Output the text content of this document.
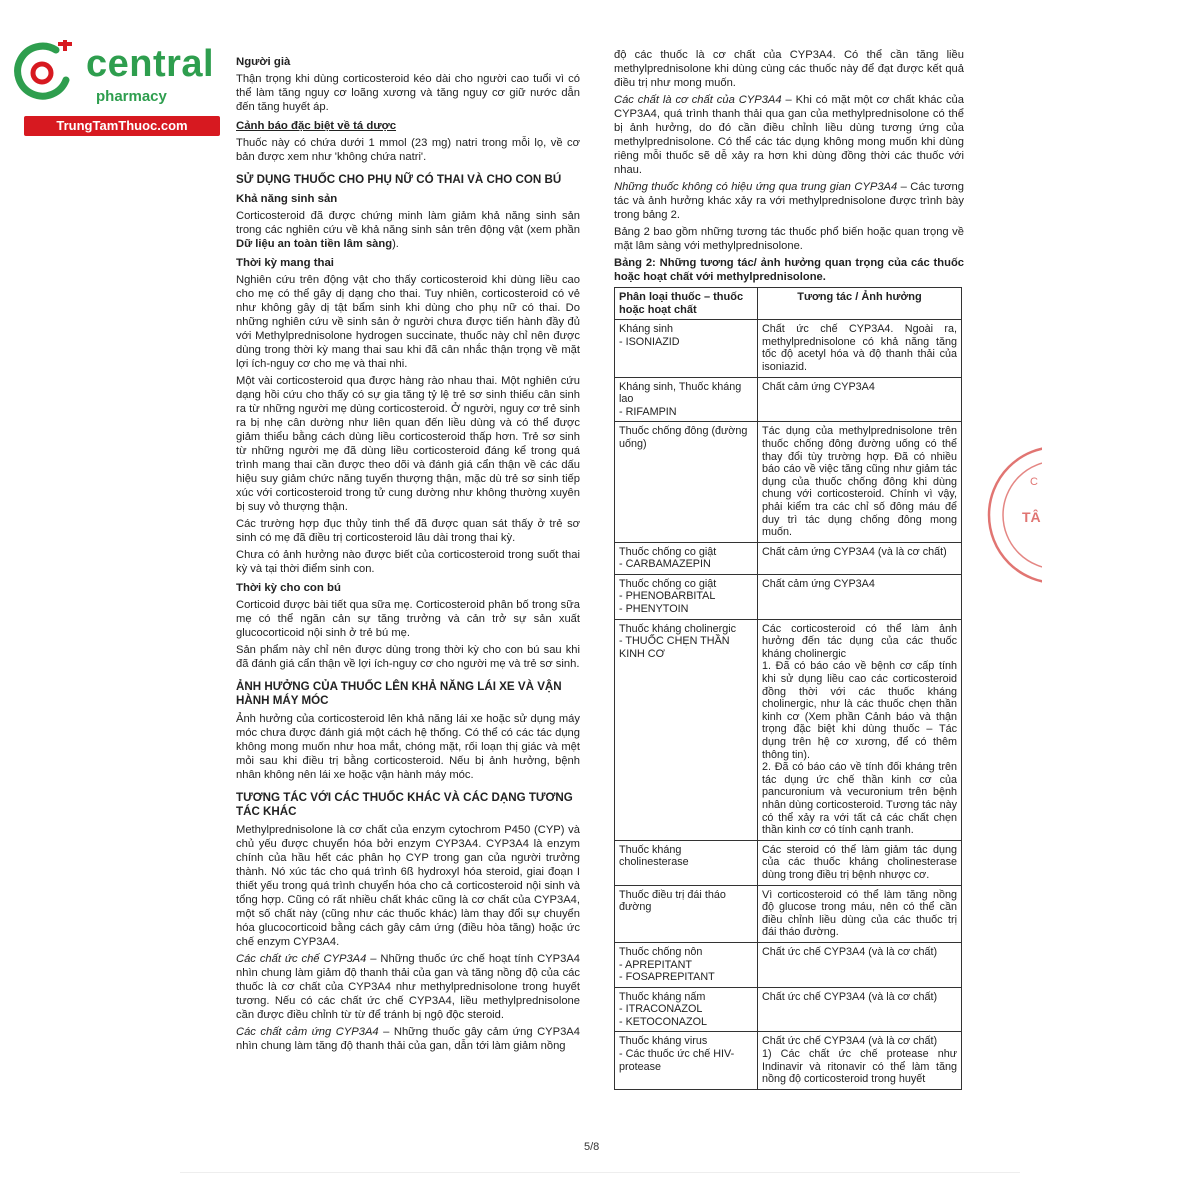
central
pharmacy
TrungTamThuoc.com
Người già

Thận trọng khi dùng corticosteroid kéo dài cho người cao tuổi vì có thể làm tăng nguy cơ loãng xương và tăng nguy cơ giữ nước dẫn đến tăng huyết áp.

Cảnh báo đặc biệt về tá dược

Thuốc này có chứa dưới 1 mmol (23 mg) natri trong mỗi lọ, về cơ bản được xem như 'không chứa natri'.

SỬ DỤNG THUỐC CHO PHỤ NỮ CÓ THAI VÀ CHO CON BÚ
Khả năng sinh sản

Corticosteroid đã được chứng minh làm giảm khả năng sinh sản trong các nghiên cứu về khả năng sinh sản trên động vật (xem phần Dữ liệu an toàn tiền lâm sàng).

Thời kỳ mang thai

Nghiên cứu trên động vật cho thấy corticosteroid khi dùng liều cao cho mẹ có thể gây dị dạng cho thai. Tuy nhiên, corticosteroid có vẻ như không gây dị tật bẩm sinh khi dùng cho phụ nữ có thai. Do những nghiên cứu về sinh sản ở người chưa được tiến hành đầy đủ với Methylprednisolone hydrogen succinate, thuốc này chỉ nên được dùng trong thời kỳ mang thai sau khi đã cân nhắc thận trọng về mặt lợi ích-nguy cơ cho mẹ và thai nhi.

Một vài corticosteroid qua được hàng rào nhau thai. Một nghiên cứu dạng hồi cứu cho thấy có sự gia tăng tỷ lệ trẻ sơ sinh thiếu cân sinh ra từ những người mẹ dùng corticosteroid. Ở người, nguy cơ trẻ sinh ra bị nhẹ cân dường như liên quan đến liều dùng và có thể được giảm thiểu bằng cách dùng liều corticosteroid thấp hơn. Trẻ sơ sinh từ những người mẹ đã dùng liều corticosteroid đáng kể trong quá trình mang thai cần được theo dõi và đánh giá cẩn thận về các dấu hiệu suy giảm chức năng tuyến thượng thận, mặc dù trẻ sơ sinh tiếp xúc với corticosteroid trong tử cung dường như không thường xuyên bị suy vỏ thượng thận.

Các trường hợp đục thủy tinh thể đã được quan sát thấy ở trẻ sơ sinh có mẹ đã điều trị corticosteroid lâu dài trong thai kỳ.

Chưa có ảnh hưởng nào được biết của corticosteroid trong suốt thai kỳ và tại thời điểm sinh con.

Thời kỳ cho con bú

Corticoid được bài tiết qua sữa mẹ. Corticosteroid phân bố trong sữa mẹ có thể ngăn cản sự tăng trưởng và cản trở sự sản xuất glucocorticoid nội sinh ở trẻ bú mẹ.

Sản phẩm này chỉ nên được dùng trong thời kỳ cho con bú sau khi đã đánh giá cẩn thận về lợi ích-nguy cơ cho người mẹ và trẻ sơ sinh.

ẢNH HƯỞNG CỦA THUỐC LÊN KHẢ NĂNG LÁI XE VÀ VẬN HÀNH MÁY MÓC

Ảnh hưởng của corticosteroid lên khả năng lái xe hoặc sử dụng máy móc chưa được đánh giá một cách hệ thống. Có thể có các tác dụng không mong muốn như hoa mắt, chóng mặt, rối loạn thị giác và mệt mỏi sau khi điều trị bằng corticosteroid. Nếu bị ảnh hưởng, bệnh nhân không nên lái xe hoặc vận hành máy móc.

TƯƠNG TÁC VỚI CÁC THUỐC KHÁC VÀ CÁC DẠNG TƯƠNG TÁC KHÁC

Methylprednisolone là cơ chất của enzym cytochrom P450 (CYP) và chủ yếu được chuyển hóa bởi enzym CYP3A4. CYP3A4 là enzym chính của hầu hết các phân họ CYP trong gan của người trưởng thành. Nó xúc tác cho quá trình 6ß hydroxyl hóa steroid, giai đoạn I thiết yếu trong quá trình chuyển hóa cho cả corticosteroid nội sinh và tổng hợp. Cũng có rất nhiều chất khác cũng là cơ chất của CYP3A4, một số chất này (cũng như các thuốc khác) làm thay đổi sự chuyển hóa glucocorticoid bằng cách gây cảm ứng (điều hòa tăng) hoặc ức chế enzym CYP3A4.

Các chất ức chế CYP3A4 – Những thuốc ức chế hoạt tính CYP3A4 nhìn chung làm giảm độ thanh thải của gan và tăng nồng độ của các thuốc là cơ chất của CYP3A4 như methylprednisolone trong huyết tương. Nếu có các chất ức chế CYP3A4, liều methylprednisolone cần được điều chỉnh từ từ để tránh bị ngộ độc steroid.

Các chất cảm ứng CYP3A4 – Những thuốc gây cảm ứng CYP3A4 nhìn chung làm tăng độ thanh thải của gan, dẫn tới làm giảm nồng

độ các thuốc là cơ chất của CYP3A4. Có thể cần tăng liều methylprednisolone khi dùng cùng các thuốc này để đạt được kết quả điều trị như mong muốn.

Các chất là cơ chất của CYP3A4 – Khi có mặt một cơ chất khác của CYP3A4, quá trình thanh thải qua gan của methylprednisolone có thể bị ảnh hưởng, do đó cần điều chỉnh liều dùng tương ứng của methylprednisolone. Có thể các tác dụng không mong muốn khi dùng riêng mỗi thuốc sẽ dễ xảy ra hơn khi dùng đồng thời các thuốc với nhau.

Những thuốc không có hiệu ứng qua trung gian CYP3A4 – Các tương tác và ảnh hưởng khác xảy ra với methylprednisolone được trình bày trong bảng 2.

Bảng 2 bao gồm những tương tác thuốc phổ biến hoặc quan trọng về mặt lâm sàng với methylprednisolone.

Bảng 2: Những tương tác/ ảnh hưởng quan trọng của các thuốc hoặc hoạt chất với methylprednisolone.

Phân loại thuốc – thuốc hoặc hoạt chất	Tương tác / Ảnh hưởng
Kháng sinh
- ISONIAZID	Chất ức chế CYP3A4. Ngoài ra, methylprednisolone có khả năng tăng tốc độ acetyl hóa và độ thanh thải của isoniazid.
Kháng sinh, Thuốc kháng lao
- RIFAMPIN	Chất cảm ứng CYP3A4
Thuốc chống đông (đường uống)	Tác dụng của methylprednisolone trên thuốc chống đông đường uống có thể thay đổi tùy trường hợp. Đã có nhiều báo cáo về việc tăng cũng như giảm tác dụng của thuốc chống đông khi dùng chung với corticosteroid. Chính vì vậy, phải kiểm tra các chỉ số đông máu để duy trì tác dụng chống đông mong muốn.
Thuốc chống co giật
- CARBAMAZEPIN	Chất cảm ứng CYP3A4 (và là cơ chất)
Thuốc chống co giật
- PHENOBARBITAL
- PHENYTOIN	Chất cảm ứng CYP3A4
Thuốc kháng cholinergic
- THUỐC CHẸN THẦN KINH CƠ	Các corticosteroid có thể làm ảnh hưởng đến tác dụng của các thuốc kháng cholinergic
1. Đã có báo cáo về bệnh cơ cấp tính khi sử dụng liều cao các corticosteroid đồng thời với các thuốc kháng cholinergic, như là các thuốc chẹn thần kinh cơ (Xem phần Cảnh báo và thận trọng đặc biệt khi dùng thuốc – Tác dụng trên hệ cơ xương, để có thêm thông tin).
2. Đã có báo cáo về tính đối kháng trên tác dụng ức chế thần kinh cơ của pancuronium và vecuronium trên bệnh nhân dùng corticosteroid. Tương tác này có thể xảy ra với tất cả các chất chẹn thần kinh cơ có tính cạnh tranh.
Thuốc kháng cholinesterase	Các steroid có thể làm giảm tác dụng của các thuốc kháng cholinesterase dùng trong điều trị bệnh nhược cơ.
Thuốc điều trị đái tháo đường	Vì corticosteroid có thể làm tăng nồng độ glucose trong máu, nên có thể cần điều chỉnh liều dùng của các thuốc trị đái tháo đường.
Thuốc chống nôn
- APREPITANT
- FOSAPREPITANT	Chất ức chế CYP3A4 (và là cơ chất)
Thuốc kháng nấm
- ITRACONAZOL
- KETOCONAZOL	Chất ức chế CYP3A4 (và là cơ chất)
Thuốc kháng virus
- Các thuốc ức chế HIV-protease	Chất ức chế CYP3A4 (và là cơ chất)
1) Các chất ức chế protease như Indinavir và ritonavir có thể làm tăng nồng độ corticosteroid trong huyết
TÂ
C
5/8
